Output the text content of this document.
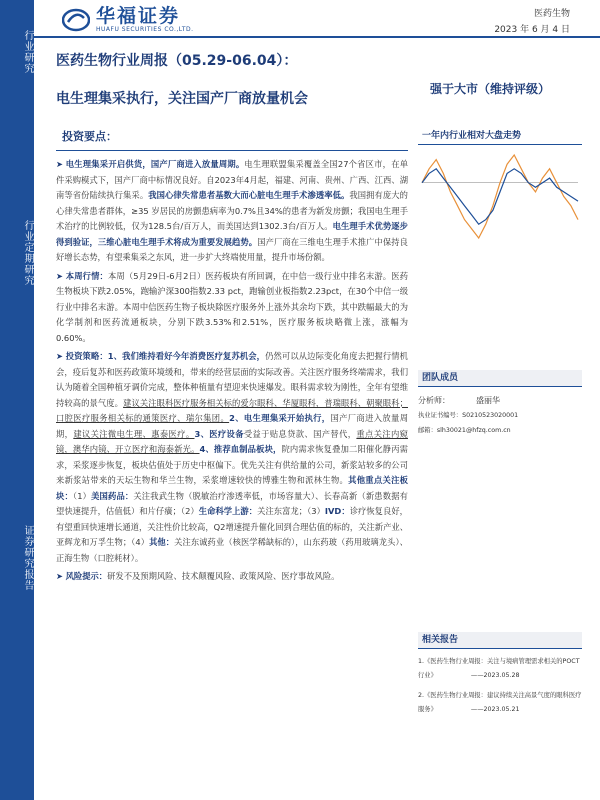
行业研究
行业定期研究
证券研究报告
华福证券
HUAFU SECURITIES CO.,LTD.
医药生物
2023 年 6 月 4 日
医药生物行业周报（05.29-06.04）：
电生理集采执行，关注国产厂商放量机会
强于大市（维持评级）
投资要点：
➤ 电生理集采开启供货，国产厂商进入放量周期。电生理联盟集采覆盖全国27个省区市，在单件采购模式下，国产厂商中标情况良好。自2023年4月起，福建、河南、贵州、广西、江西、湖南等省份陆续执行集采。我国心律失常患者基数大而心脏电生理手术渗透率低。我国拥有庞大的心律失常患者群体，≥35 岁居民的房颤患病率为0.7%且34%的患者为新发房颤；我国电生理手术治疗的比例较低，仅为128.5台/百万人，而美国达到1302.3台/百万人。电生理手术优势逐步得到验证，三维心脏电生理手术将成为重要发展趋势。国产厂商在三维电生理手术推广中保持良好增长态势，有望乘集采之东风，进一步扩大终端使用量，提升市场份额。
➤ 本周行情：本周（5月29日-6月2日）医药板块有所回调，在中信一级行业中排名末游。医药生物板块下跌2.05%，跑输沪深300指数2.33 pct，跑输创业板指数2.23pct，在30个中信一级行业中排名末游。本周中信医药生物子板块除医疗服务外上涨外其余均下跌，其中跌幅最大的为化学制剂和医药流通板块，分别下跌3.53%和2.51%，医疗服务板块略微上涨，涨幅为0.60%。
➤ 投资策略：1、我们维持看好今年消费医疗复苏机会，仍然可以从边际变化角度去把握行情机会，疫后复苏和医药政策环境缓和，带来的经营层面的实际改善。关注医疗服务终端需求，我们认为随着全国种植牙调价完成，整体种植量有望迎来快速爆发。眼科需求较为刚性，全年有望维持较高的景气度。建议关注眼科医疗服务相关标的爱尔眼科、华厦眼科，普瑞眼科、朝聚眼科；口腔医疗服务相关标的通策医疗、瑞尔集团。2、电生理集采开始执行，国产厂商进入放量周期，建议关注微电生理、惠泰医疗。3、医疗设备受益于贴息贷款、国产替代，重点关注内窥镜，澳华内镜、开立医疗和海泰新光。4、推荐血制品板块，院内需求恢复叠加二阳催化静丙需求，采浆逐步恢复，板块估值处于历史中枢偏下。优先关注有供给量的公司，新浆站较多的公司来新浆站带来的天坛生物和华兰生物，采浆增速较快的博雅生物和派林生物。其他重点关注板块：（1）美国药品：关注我武生物（脱敏治疗渗透率低，市场容量大）、长春高新（新患数据有望快速提升，估值低）和片仔癀；（2）生命科学上游：关注东富龙；（3）IVD：诊疗恢复良好，有望重回快速增长通道，关注性价比较高，Q2增速提升催化回到合理估值的标的，关注新产业、亚辉龙和万孚生物；（4）其他：关注东诚药业（核医学稀缺标的），山东药玻（药用玻璃龙头）、正海生物（口腔耗材）。
➤ 风险提示：研发不及预期风险、技术颠覆风险、政策风险、医疗事故风险。
一年内行业相对大盘走势
团队成员
分析师：	盛丽华
执业证书编号：S0210523020001
邮箱：slh30021@hfzq.com.cn
相关报告
1.《医药生物行业周报：关注与境病管理需求相关的POCT行业》	——2023.05.28
2.《医药生物行业周报：建议持续关注高景气度的眼科医疗服务》	——2023.05.21
